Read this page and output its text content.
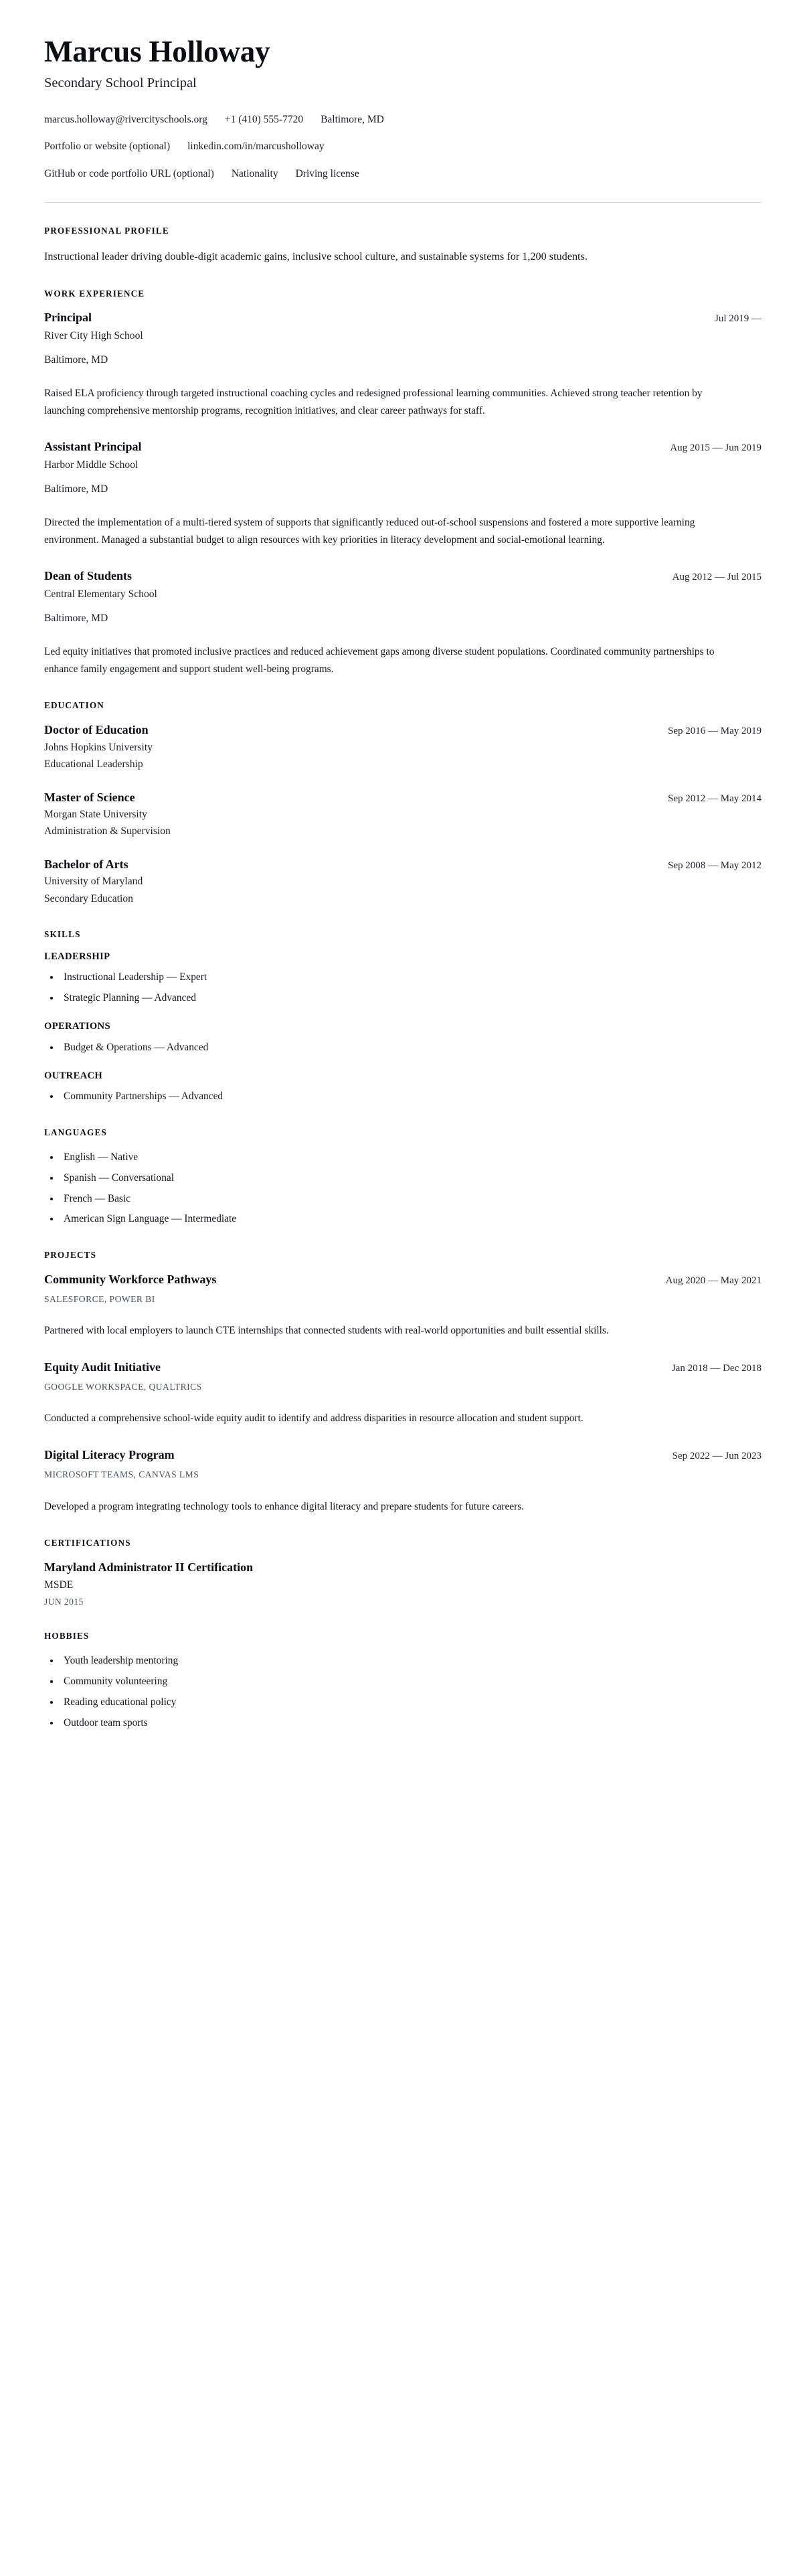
Marcus Holloway
Secondary School Principal
marcus.holloway@rivercityschools.org +1 (410) 555-7720 Baltimore, MD
Portfolio or website (optional) linkedin.com/in/marcusholloway
GitHub or code portfolio URL (optional) Nationality Driving license
PROFESSIONAL PROFILE

Instructional leader driving double-digit academic gains, inclusive school culture, and sustainable systems for 1,200 students.

WORK EXPERIENCE
Principal	Jul 2019 —
River City High School
Baltimore, MD

Raised ELA proficiency through targeted instructional coaching cycles and redesigned professional learning communities. Achieved strong teacher retention by launching comprehensive mentorship programs, recognition initiatives, and clear career pathways for staff.

Assistant Principal	Aug 2015 — Jun 2019
Harbor Middle School
Baltimore, MD

Directed the implementation of a multi-tiered system of supports that significantly reduced out-of-school suspensions and fostered a more supportive learning environment. Managed a substantial budget to align resources with key priorities in literacy development and social-emotional learning.

Dean of Students	Aug 2012 — Jul 2015
Central Elementary School
Baltimore, MD

Led equity initiatives that promoted inclusive practices and reduced achievement gaps among diverse student populations. Coordinated community partnerships to enhance family engagement and support student well-being programs.

EDUCATION
Doctor of Education	Sep 2016 — May 2019
Johns Hopkins University
Educational Leadership
Master of Science	Sep 2012 — May 2014
Morgan State University
Administration & Supervision
Bachelor of Arts	Sep 2008 — May 2012
University of Maryland
Secondary Education
SKILLS
LEADERSHIP
Instructional Leadership — Expert
Strategic Planning — Advanced
OPERATIONS
Budget & Operations — Advanced
OUTREACH
Community Partnerships — Advanced
LANGUAGES
English — Native
Spanish — Conversational
French — Basic
American Sign Language — Intermediate
PROJECTS
Community Workforce Pathways	Aug 2020 — May 2021
SALESFORCE, POWER BI

Partnered with local employers to launch CTE internships that connected students with real-world opportunities and built essential skills.

Equity Audit Initiative	Jan 2018 — Dec 2018
GOOGLE WORKSPACE, QUALTRICS

Conducted a comprehensive school-wide equity audit to identify and address disparities in resource allocation and student support.

Digital Literacy Program	Sep 2022 — Jun 2023
MICROSOFT TEAMS, CANVAS LMS

Developed a program integrating technology tools to enhance digital literacy and prepare students for future careers.

CERTIFICATIONS
Maryland Administrator II Certification
MSDE
JUN 2015
HOBBIES
Youth leadership mentoring
Community volunteering
Reading educational policy
Outdoor team sports
